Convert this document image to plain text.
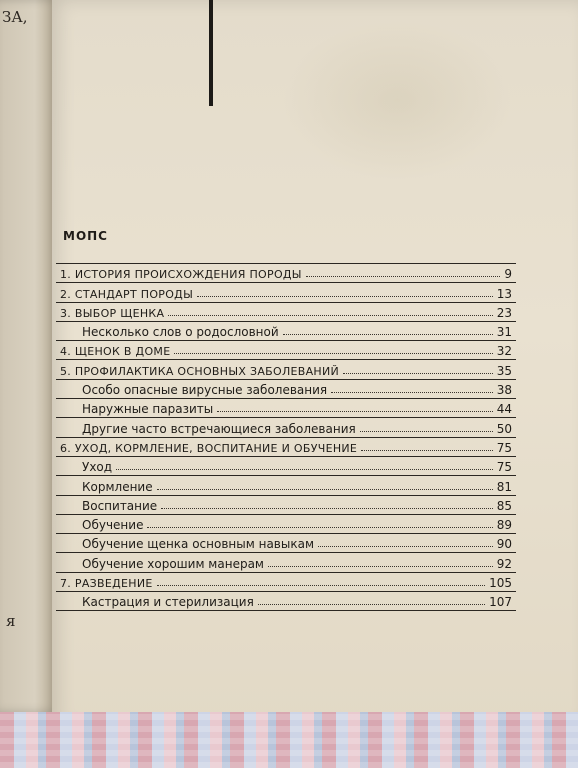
ЗА,
я
МОПС
1. ИСТОРИЯ ПРОИСХОЖДЕНИЯ ПОРОДЫ	9
2. СТАНДАРТ ПОРОДЫ	13
3. ВЫБОР ЩЕНКА	23
Несколько слов о родословной	31
4. ЩЕНОК В ДОМЕ	32
5. ПРОФИЛАКТИКА ОСНОВНЫХ ЗАБОЛЕВАНИЙ	35
Особо опасные вирусные заболевания	38
Наружные паразиты	44
Другие часто встречающиеся заболевания	50
6. УХОД, КОРМЛЕНИЕ, ВОСПИТАНИЕ И ОБУЧЕНИЕ	75
Уход	75
Кормление	81
Воспитание	85
Обучение	89
Обучение щенка основным навыкам	90
Обучение хорошим манерам	92
7. РАЗВЕДЕНИЕ	105
Кастрация и стерилизация	107
